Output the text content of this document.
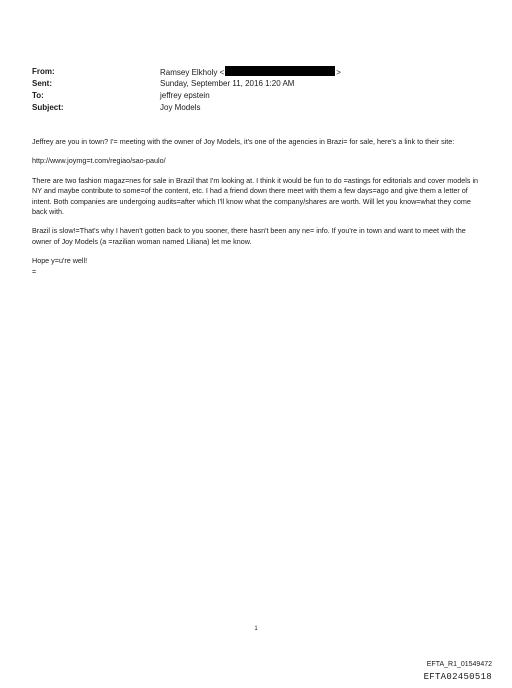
From:	Ramsey Elkholy <	>
Sent:	Sunday, September 11, 2016 1:20 AM
To:	jeffrey epstein
Subject:	Joy Models

Jeffrey are you in town? I'= meeting with the owner of Joy Models, it's one of the agencies in Brazi= for sale, here's a link to their site:

http://www.joymg=t.com/regiao/sao-paulo/

There are two fashion magaz=nes for sale in Brazil that I'm looking at. I think it would be fun to do =astings for editorials and cover models in NY and maybe contribute to some=of the content, etc. I had a friend down there meet with them a few days=ago and give them a letter of intent. Both companies are undergoing audits=after which I'll know what the company/shares are worth. Will let you know=what they come back with.

Brazil is slow!=That's why I haven't gotten back to you sooner, there hasn't been any ne= info. If you're in town and want to meet with the owner of Joy Models (a =razilian woman named Liliana) let me know.

Hope y=u're well!

=

1
EFTA_R1_01549472
EFTA02450518
